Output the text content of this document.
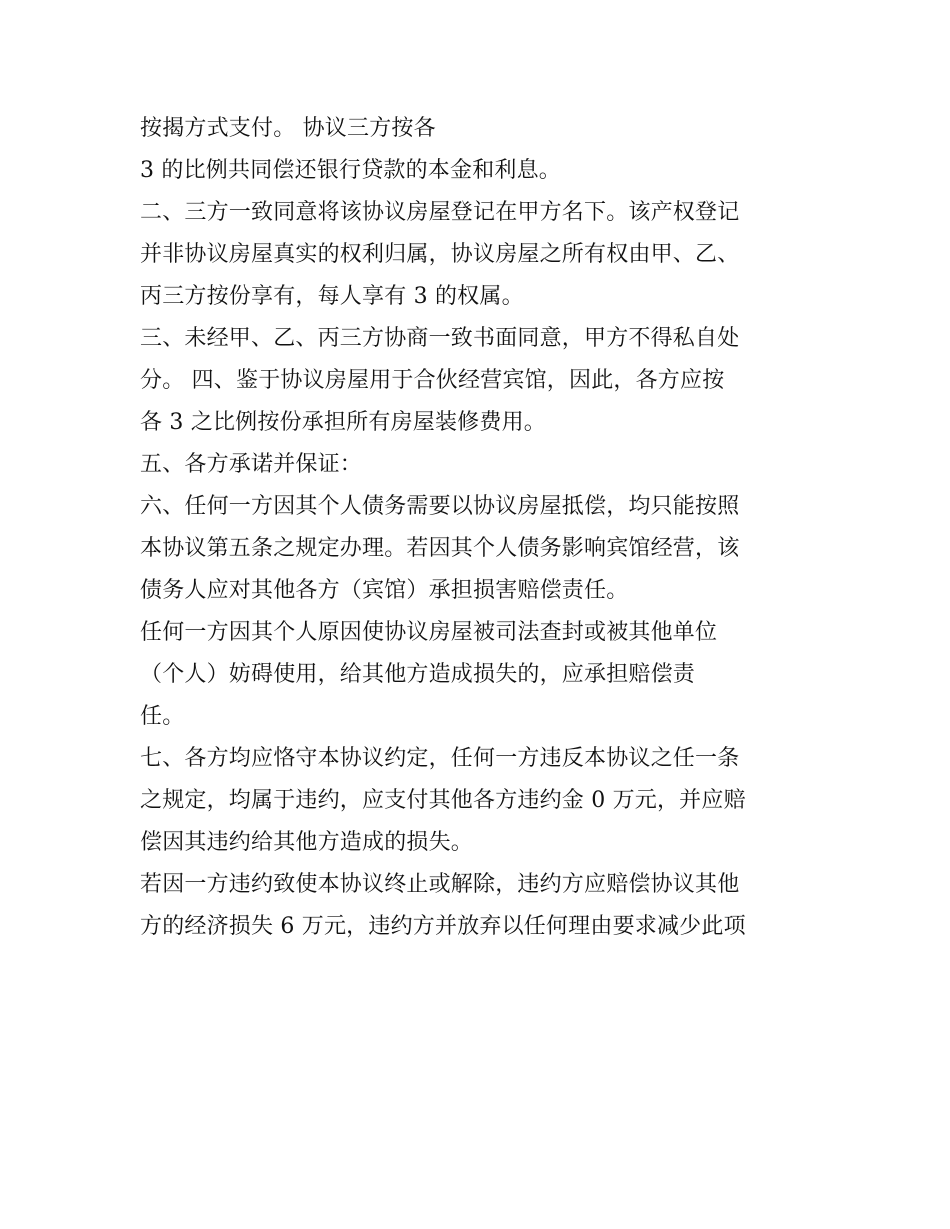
按揭方式支付。 协议三方按各
3 的比例共同偿还银行贷款的本金和利息。
二、三方一致同意将该协议房屋登记在甲方名下。该产权登记
并非协议房屋真实的权利归属，协议房屋之所有权由甲、乙、
丙三方按份享有，每人享有 3 的权属。
三、未经甲、乙、丙三方协商一致书面同意，甲方不得私自处
分。 四、鉴于协议房屋用于合伙经营宾馆，因此，各方应按
各 3 之比例按份承担所有房屋装修费用。
五、各方承诺并保证：
六、任何一方因其个人债务需要以协议房屋抵偿，均只能按照
本协议第五条之规定办理。若因其个人债务影响宾馆经营，该
债务人应对其他各方（宾馆）承担损害赔偿责任。
任何一方因其个人原因使协议房屋被司法查封或被其他单位
（个人）妨碍使用，给其他方造成损失的，应承担赔偿责
任。
七、各方均应恪守本协议约定，任何一方违反本协议之任一条
之规定，均属于违约，应支付其他各方违约金 0 万元，并应赔
偿因其违约给其他方造成的损失。
若因一方违约致使本协议终止或解除，违约方应赔偿协议其他
方的经济损失 6 万元，违约方并放弃以任何理由要求减少此项
